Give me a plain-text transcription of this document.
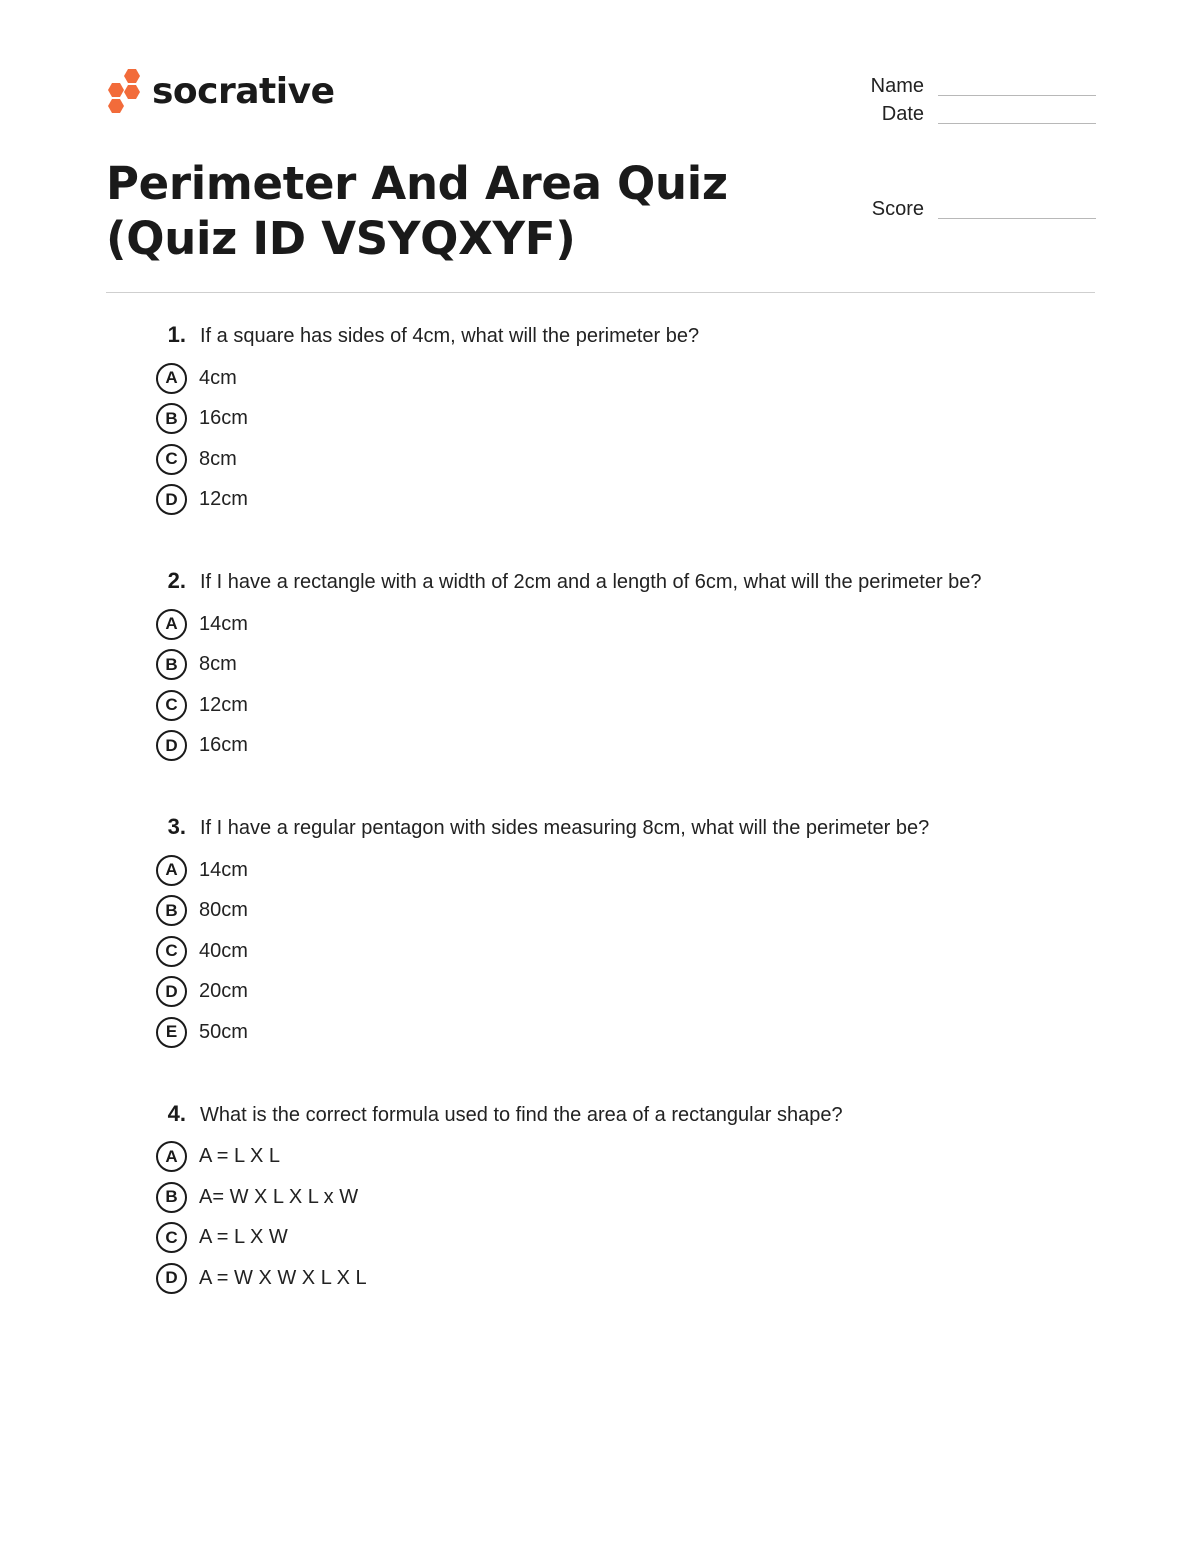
socrative	Name
Date
Score
Perimeter And Area Quiz (Quiz ID VSYQXYF)
1. If a square has sides of 4cm, what will the perimeter be?
A	4cm
B	16cm
C	8cm
D	12cm
2. If I have a rectangle with a width of 2cm and a length of 6cm, what will the perimeter be?
A	14cm
B	8cm
C	12cm
D	16cm
3. If I have a regular pentagon with sides measuring 8cm, what will the perimeter be?
A	14cm
B	80cm
C	40cm
D	20cm
E	50cm
4. What is the correct formula used to find the area of a rectangular shape?
A	A = L X L
B	A= W X L X L x W
C	A = L X W
D	A = W X W X L X L
